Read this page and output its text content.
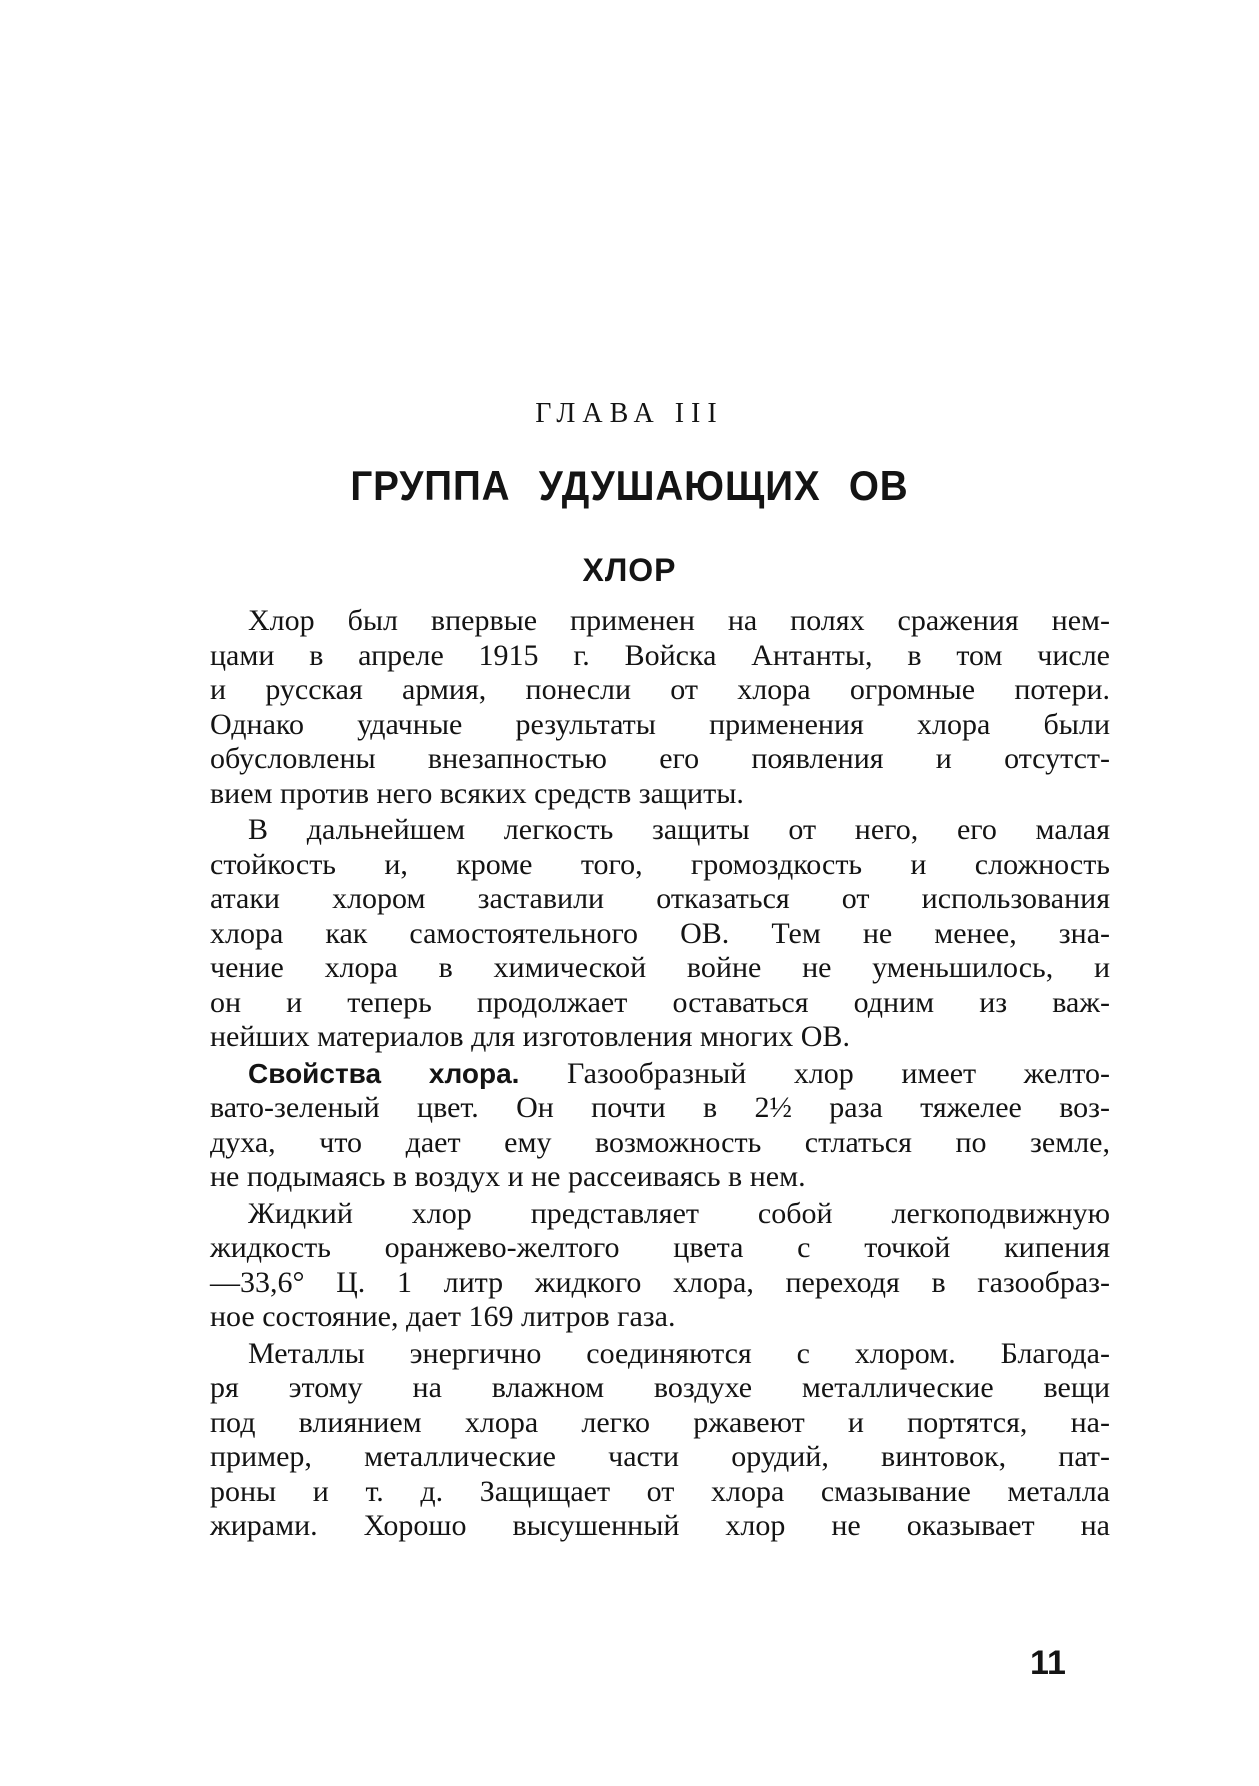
ГЛАВА III
ГРУППА УДУШАЮЩИХ ОВ
ХЛОР
Хлор был впервые применен на полях сражения нем-
цами в апреле 1915 г. Войска Антанты, в том числе
и русская армия, понесли от хлора огромные потери.
Однако удачные результаты применения хлора были
обусловлены внезапностью его появления и отсутст-
вием против него всяких средств защиты.
В дальнейшем легкость защиты от него, его малая
стойкость и, кроме того, громоздкость и сложность
атаки хлором заставили отказаться от использования
хлора как самостоятельного ОВ. Тем не менее, зна-
чение хлора в химической войне не уменьшилось, и
он и теперь продолжает оставаться одним из важ-
нейших материалов для изготовления многих ОВ.
Свойства хлора. Газообразный хлор имеет желто-
вато-зеленый цвет. Он почти в 2½ раза тяжелее воз-
духа, что дает ему возможность стлаться по земле,
не подымаясь в воздух и не рассеиваясь в нем.
Жидкий хлор представляет собой легкоподвижную
жидкость оранжево-желтого цвета с точкой кипения
—33,6° Ц. 1 литр жидкого хлора, переходя в газообраз-
ное состояние, дает 169 литров газа.
Металлы энергично соединяются с хлором. Благода-
ря этому на влажном воздухе металлические вещи
под влиянием хлора легко ржавеют и портятся, на-
пример, металлические части орудий, винтовок, пат-
роны и т. д. Защищает от хлора смазывание металла
жирами. Хорошо высушенный хлор не оказывает на
11
